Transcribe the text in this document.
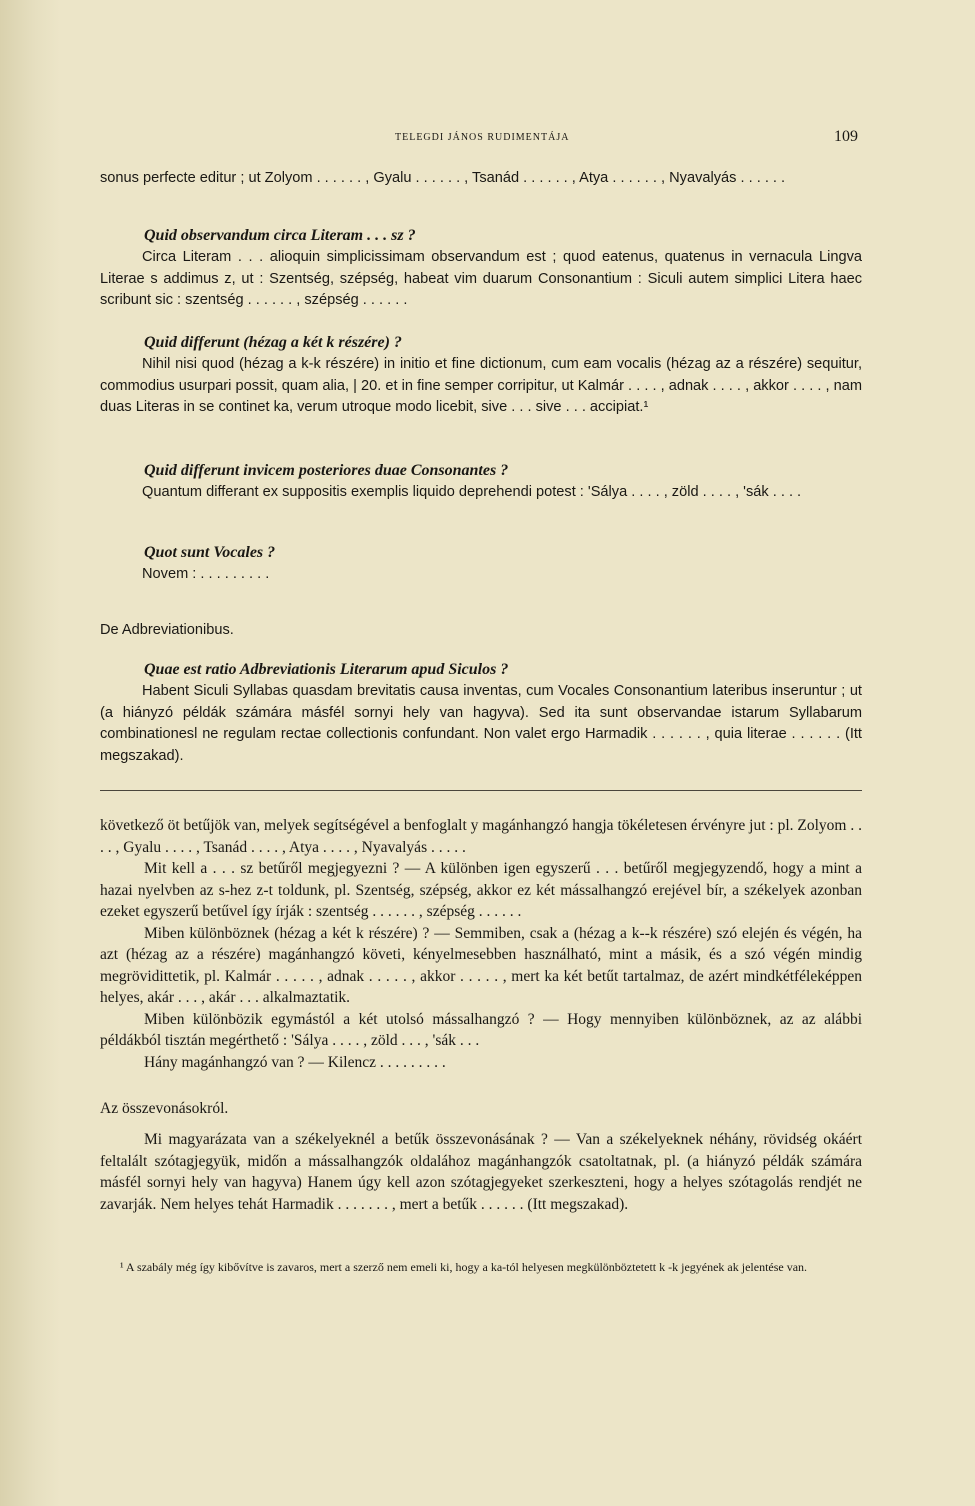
TELEGDI JÁNOS RUDIMENTÁJA	109

sonus perfecte editur ; ut Zolyom . . . . . . , Gyalu . . . . . . , Tsanád . . . . . . , Atya . . . . . . , Nyavalyás . . . . . .

Quid observandum circa Literam . . . sz ?

Circa Literam . . . alioquin simplicissimam observandum est ; quod eatenus, quatenus in vernacula Lingva Literae s addimus z, ut : Szentség, szépség, habeat vim duarum Consonantium : Siculi autem simplici Litera haec scribunt sic : szentség . . . . . . , szépség . . . . . .

Quid differunt (hézag a két k részére) ?

Nihil nisi quod (hézag a k-k részére) in initio et fine dictionum, cum eam vocalis (hézag az a részére) sequitur, commodius usurpari possit, quam alia, | 20. et in fine semper corripitur, ut Kalmár . . . . , adnak . . . . , akkor . . . . , nam duas Literas in se continet ka, verum utroque modo licebit, sive . . . sive . . . accipiat.¹

Quid differunt invicem posteriores duae Consonantes ?

Quantum differant ex suppositis exemplis liquido deprehendi potest : 'Sálya . . . . , zöld . . . . , 'sák . . . .

Quot sunt Vocales ?

Novem : . . . . . . . . .

De Adbreviationibus.

Quae est ratio Adbreviationis Literarum apud Siculos ?

Habent Siculi Syllabas quasdam brevitatis causa inventas, cum Vocales Consonantium lateribus inseruntur ; ut (a hiányzó példák számára másfél sornyi hely van hagyva). Sed ita sunt observandae istarum Syllabarum combinationesl ne regulam rectae collectionis confundant. Non valet ergo Harmadik . . . . . . , quia literae . . . . . . (Itt megszakad).

következő öt betűjök van, melyek segítségével a benfoglalt y magánhangzó hangja tökéletesen érvényre jut : pl. Zolyom . . . . , Gyalu . . . . , Tsanád . . . . , Atya . . . . , Nyavalyás . . . . .

Mit kell a . . . sz betűről megjegyezni ? — A különben igen egyszerű . . . betűről megjegyzendő, hogy a mint a hazai nyelvben az s-hez z-t toldunk, pl. Szentség, szépség, akkor ez két mássalhangzó erejével bír, a székelyek azonban ezeket egyszerű betűvel így írják : szentség . . . . . . , szépség . . . . . .

Miben különböznek (hézag a két k részére) ? — Semmiben, csak a (hézag a k--k részére) szó elején és végén, ha azt (hézag az a részére) magánhangzó követi, kényelmesebben használható, mint a másik, és a szó végén mindig megrövidittetik, pl. Kalmár . . . . . , adnak . . . . . , akkor . . . . . , mert ka két betűt tartalmaz, de azért mindkétféleképpen helyes, akár . . . , akár . . . alkalmaztatik.

Miben különbözik egymástól a két utolsó mássalhangzó ? — Hogy mennyiben különböznek, az az alábbi példákból tisztán megérthető : 'Sálya . . . . , zöld . . . , 'sák . . .

Hány magánhangzó van ? — Kilencz . . . . . . . . .

Az összevonásokról.

Mi magyarázata van a székelyeknél a betűk összevonásának ? — Van a székelyeknek néhány, rövidség okáért feltalált szótagjegyük, midőn a mássalhangzók oldalához magánhangzók csatoltatnak, pl. (a hiányzó példák számára másfél sornyi hely van hagyva) Hanem úgy kell azon szótagjegyeket szerkeszteni, hogy a helyes szótagolás rendjét ne zavarják. Nem helyes tehát Harmadik . . . . . . . , mert a betűk . . . . . . (Itt megszakad).

¹ A szabály még így kibővítve is zavaros, mert a szerző nem emeli ki, hogy a ka-tól helyesen megkülönböztetett k -k jegyének ak jelentése van.
